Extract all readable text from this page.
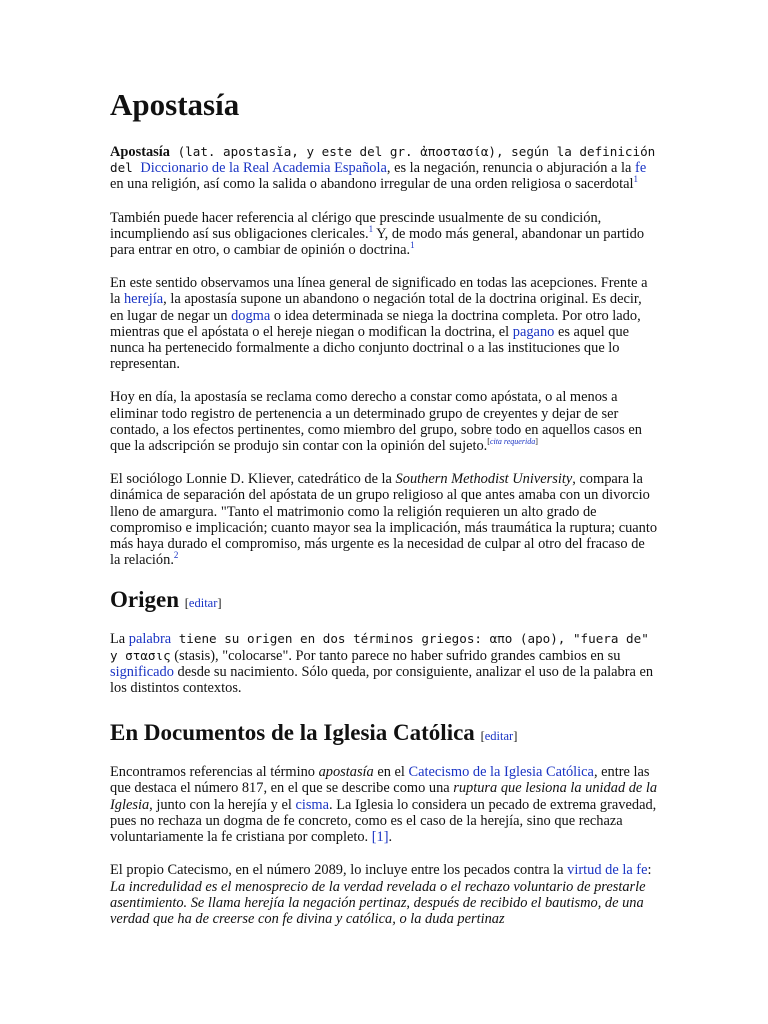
Apostasía

Apostasía (lat. apostasĭa, y este del gr. ἀποστασία), según la definición del Diccionario de la Real Academia Española, es la negación, renuncia o abjuración a la fe en una religión, así como la salida o abandono irregular de una orden religiosa o sacerdotal$^1$

También puede hacer referencia al clérigo que prescinde usualmente de su condición, incumpliendo así sus obligaciones clericales.$^1$ Y, de modo más general, abandonar un partido para entrar en otro, o cambiar de opinión o doctrina.$^1$

En este sentido observamos una línea general de significado en todas las acepciones. Frente a la herejía, la apostasía supone un abandono o negación total de la doctrina original. Es decir, en lugar de negar un dogma o idea determinada se niega la doctrina completa. Por otro lado, mientras que el apóstata o el hereje niegan o modifican la doctrina, el pagano es aquel que nunca ha pertenecido formalmente a dicho conjunto doctrinal o a las instituciones que lo representan.

Hoy en día, la apostasía se reclama como derecho a constar como apóstata, o al menos a eliminar todo registro de pertenencia a un determinado grupo de creyentes y dejar de ser contado, a los efectos pertinentes, como miembro del grupo, sobre todo en aquellos casos en que la adscripción se produjo sin contar con la opinión del sujeto.[cita requerida]

El sociólogo Lonnie D. Kliever, catedrático de la Southern Methodist University, compara la dinámica de separación del apóstata de un grupo religioso al que antes amaba con un divorcio lleno de amargura. "Tanto el matrimonio como la religión requieren un alto grado de compromiso e implicación; cuanto mayor sea la implicación, más traumática la ruptura; cuanto más haya durado el compromiso, más urgente es la necesidad de culpar al otro del fracaso de la relación.$^2$

Origen [editar]

La palabra tiene su origen en dos términos griegos: απο (apo), "fuera de" y στασις (stasis), "colocarse". Por tanto parece no haber sufrido grandes cambios en su significado desde su nacimiento. Sólo queda, por consiguiente, analizar el uso de la palabra en los distintos contextos.

En Documentos de la Iglesia Católica [editar]

Encontramos referencias al término apostasía en el Catecismo de la Iglesia Católica, entre las que destaca el número 817, en el que se describe como una ruptura que lesiona la unidad de la Iglesia, junto con la herejía y el cisma. La Iglesia lo considera un pecado de extrema gravedad, pues no rechaza un dogma de fe concreto, como es el caso de la herejía, sino que rechaza voluntariamente la fe cristiana por completo. [1].

El propio Catecismo, en el número 2089, lo incluye entre los pecados contra la virtud de la fe: La incredulidad es el menosprecio de la verdad revelada o el rechazo voluntario de prestarle asentimiento. Se llama herejía la negación pertinaz, después de recibido el bautismo, de una verdad que ha de creerse con fe divina y católica, o la duda pertinaz
